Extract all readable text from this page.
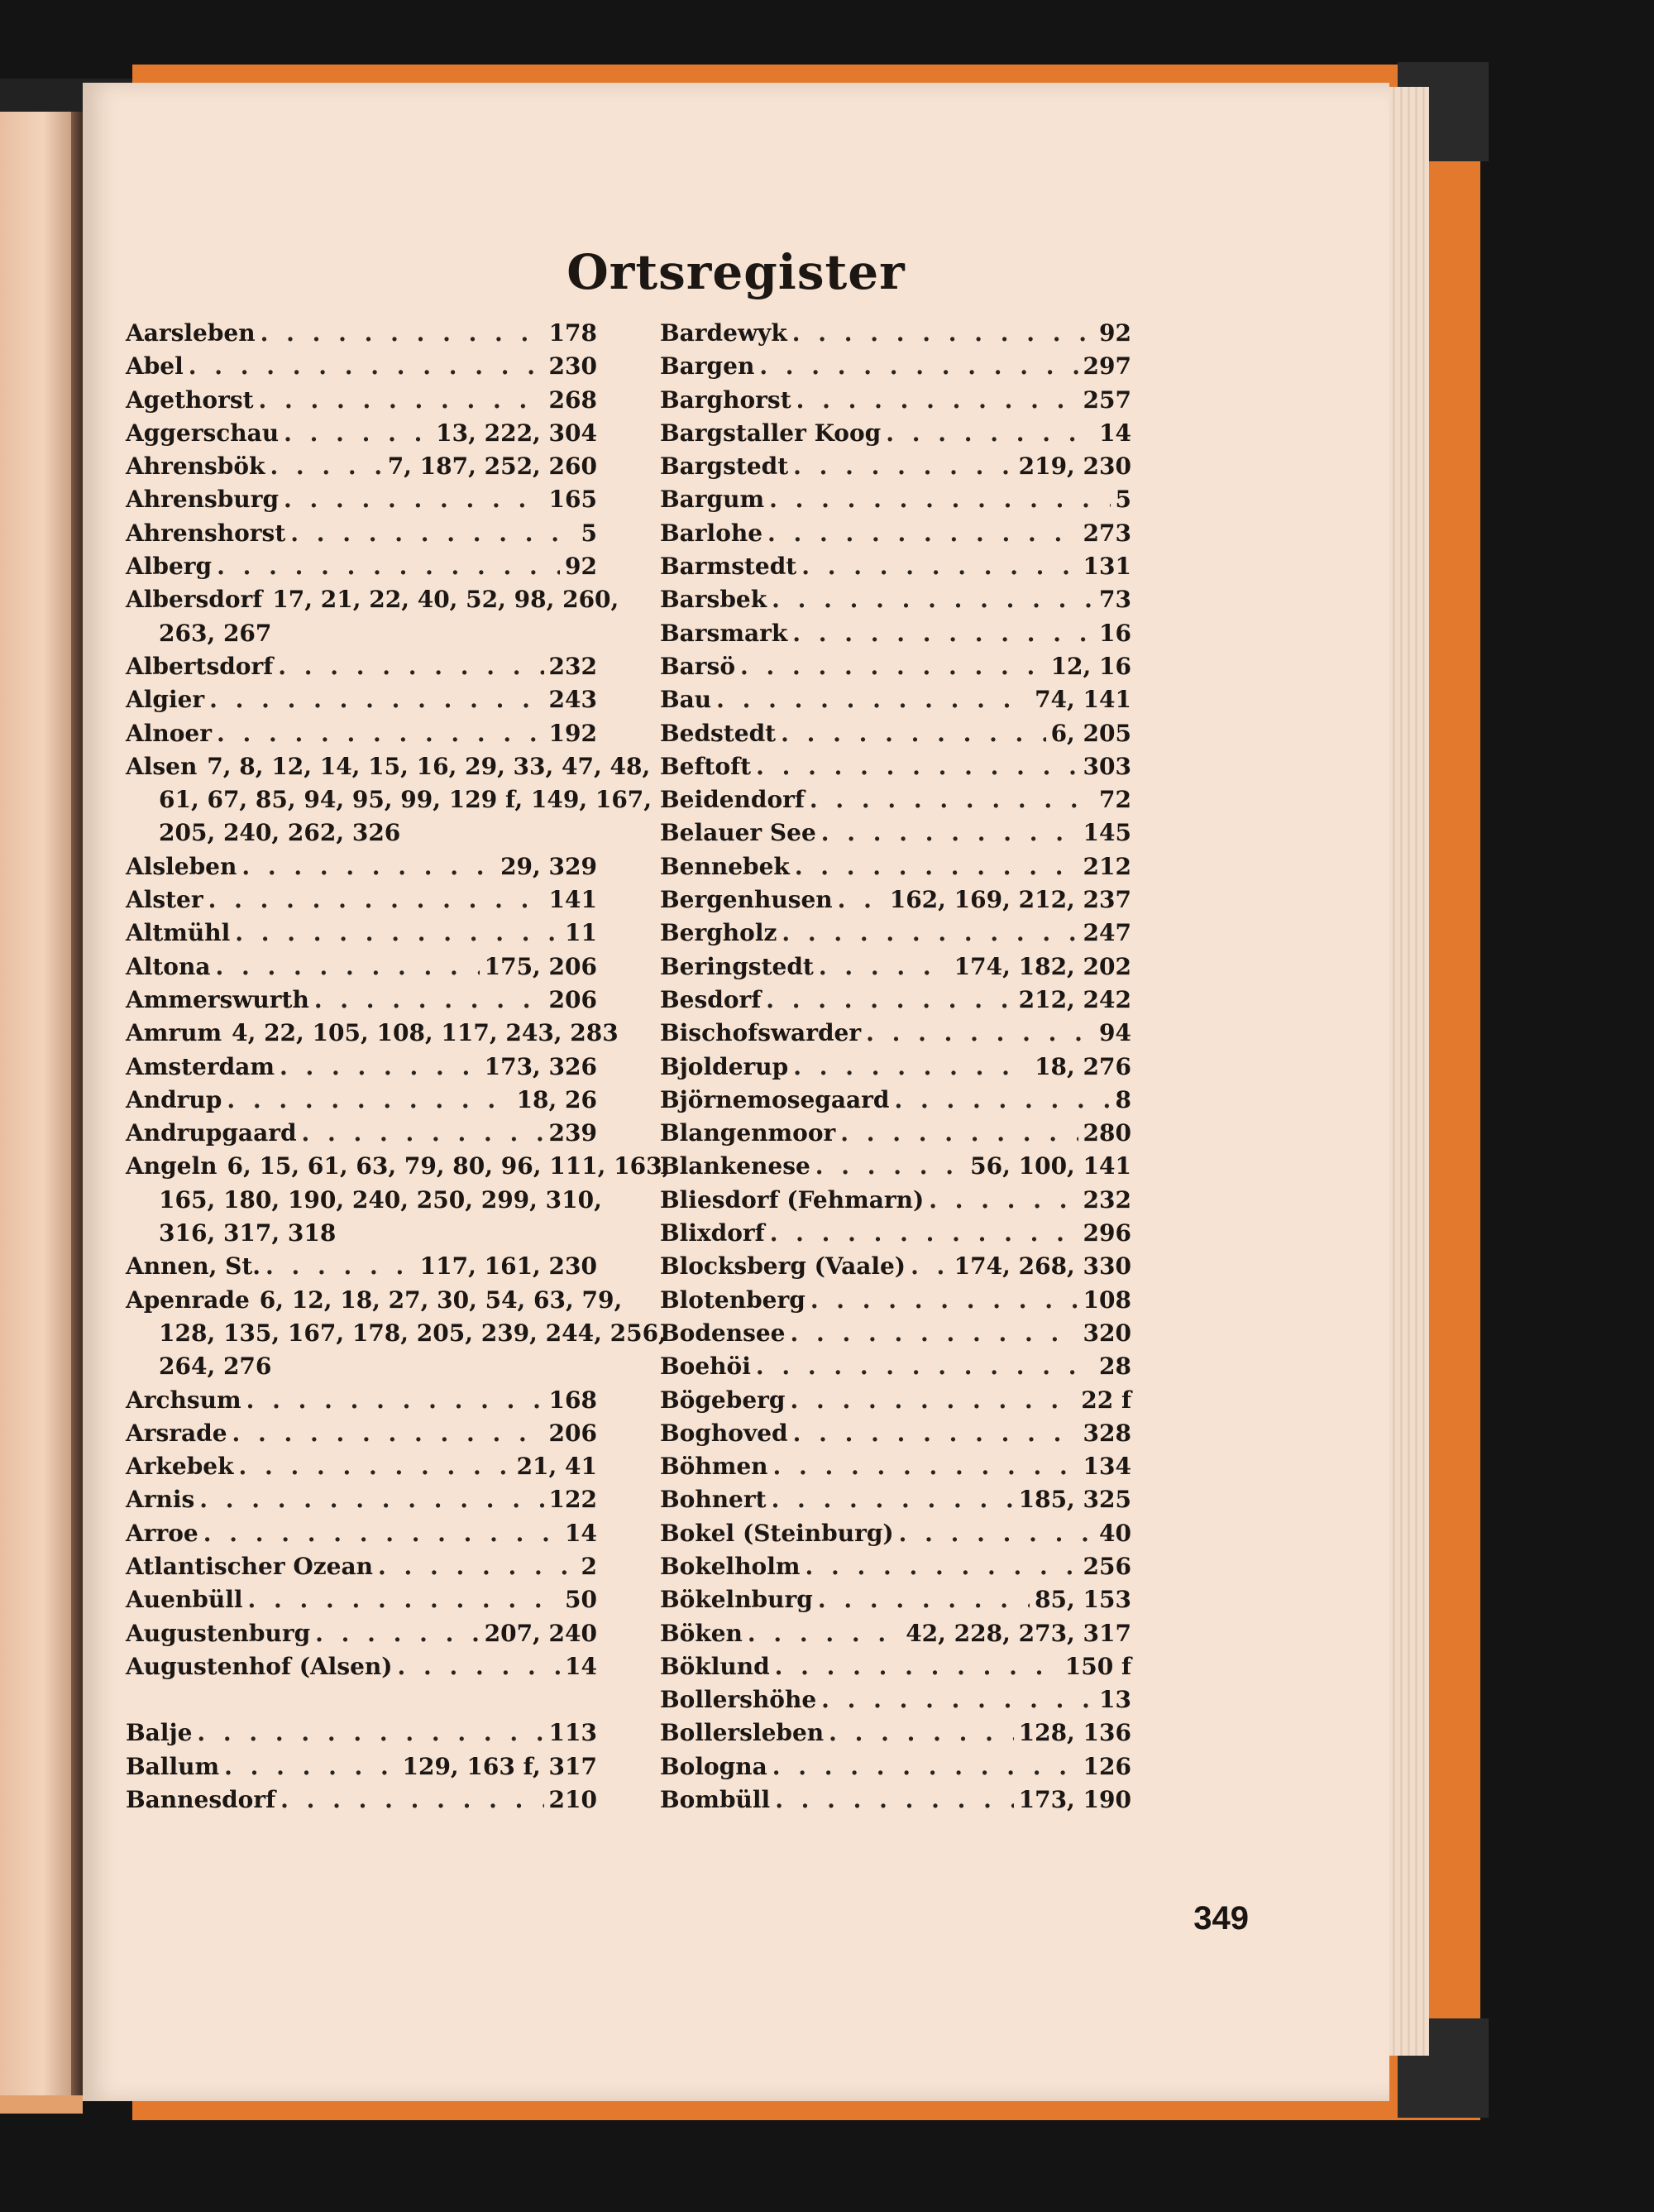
Ortsregister
Aarsleben . . .	178
Abel . . .	230
Agethorst . . .	268
Aggerschau . . .	13, 222, 304
Ahrensbök . . .	7, 187, 252, 260
Ahrensburg . . .	165
Ahrenshorst . . .	5
Alberg . . .	92
Albersdorf 17, 21, 22, 40, 52, 98, 260,
263, 267
Albertsdorf . . .	232
Algier . . .	243
Alnoer . . .	192
Alsen 7, 8, 12, 14, 15, 16, 29, 33, 47, 48,
61, 67, 85, 94, 95, 99, 129 f, 149, 167,
205, 240, 262, 326
Alsleben . . .	29, 329
Alster . . .	141
Altmühl . . .	11
Altona . . .	175, 206
Ammerswurth . . .	206
Amrum 4, 22, 105, 108, 117, 243, 283
Amsterdam . . .	173, 326
Andrup . . .	18, 26
Andrupgaard . . .	239
Angeln 6, 15, 61, 63, 79, 80, 96, 111, 163,
165, 180, 190, 240, 250, 299, 310,
316, 317, 318
Annen, St. . . .	117, 161, 230
Apenrade 6, 12, 18, 27, 30, 54, 63, 79,
128, 135, 167, 178, 205, 239, 244, 256,
264, 276
Archsum . . .	168
Arsrade . . .	206
Arkebek . . .	21, 41
Arnis . . .	122
Arroe . . .	14
Atlantischer Ozean . . .	2
Auenbüll . . .	50
Augustenburg . . .	207, 240
Augustenhof (Alsen) . . .	14
Balje . . .	113
Ballum . . .	129, 163 f, 317
Bannesdorf . . .	210
Bardewyk . . .	92
Bargen . . .	297
Barghorst . . .	257
Bargstaller Koog . . .	14
Bargstedt . . .	219, 230
Bargum . . .	5
Barlohe . . .	273
Barmstedt . . .	131
Barsbek . . .	73
Barsmark . . .	16
Barsö . . .	12, 16
Bau . . .	74, 141
Bedstedt . . .	6, 205
Beftoft . . .	303
Beidendorf . . .	72
Belauer See . . .	145
Bennebek . . .	212
Bergenhusen . . . 162, 169, 212, 237
Bergholz . . .	247
Beringstedt . . .	174, 182, 202
Besdorf . . .	212, 242
Bischofswarder . . .	94
Bjolderup . . .	18, 276
Björnemosegaard . . .	8
Blangenmoor . . .	280
Blankenese . . .	56, 100, 141
Bliesdorf (Fehmarn) . . .	232
Blixdorf . . .	296
Blocksberg (Vaale) . . . 174, 268, 330
Blotenberg . . .	108
Bodensee . . .	320
Boehöi . . .	28
Bögeberg . . .	22 f
Boghoved . . .	328
Böhmen . . .	134
Bohnert . . .	185, 325
Bokel (Steinburg) . . .	40
Bokelholm . . .	256
Bökelnburg . . .	85, 153
Böken . . .	42, 228, 273, 317
Böklund . . .	150 f
Bollershöhe . . .	13
Bollersleben . . .	128, 136
Bologna . . .	126
Bombüll . . .	173, 190
349
